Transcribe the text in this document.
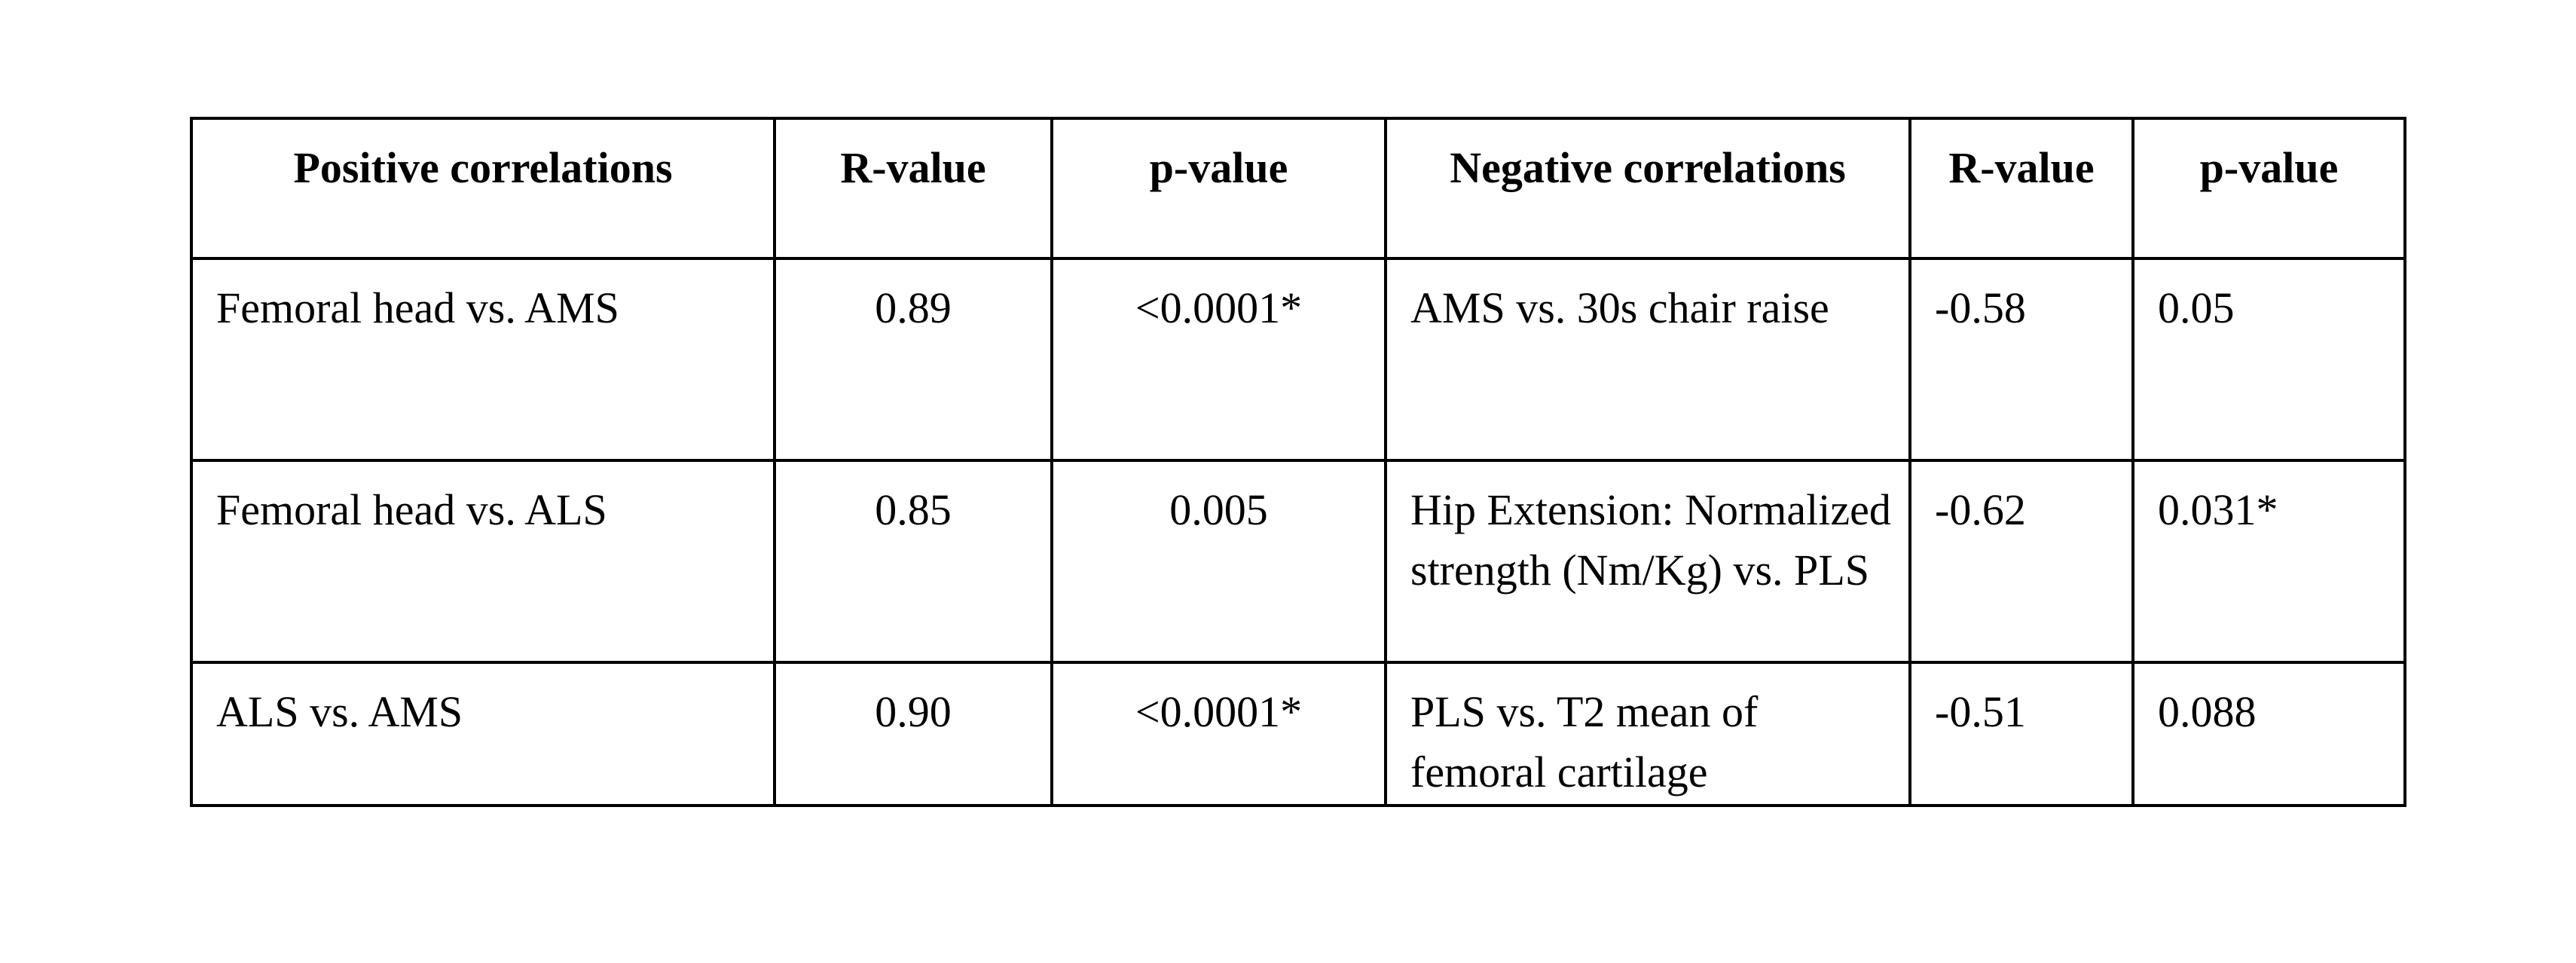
Positive correlations	R-value	p-value	Negative correlations	R-value	p-value
Femoral head vs. AMS	0.89	<0.0001*	AMS vs. 30s chair raise	-0.58	0.05
Femoral head vs. ALS	0.85	0.005	Hip Extension: Normalized strength (Nm/Kg) vs. PLS	-0.62	0.031*
ALS vs. AMS	0.90	<0.0001*	PLS vs. T2 mean of femoral cartilage	-0.51	0.088
